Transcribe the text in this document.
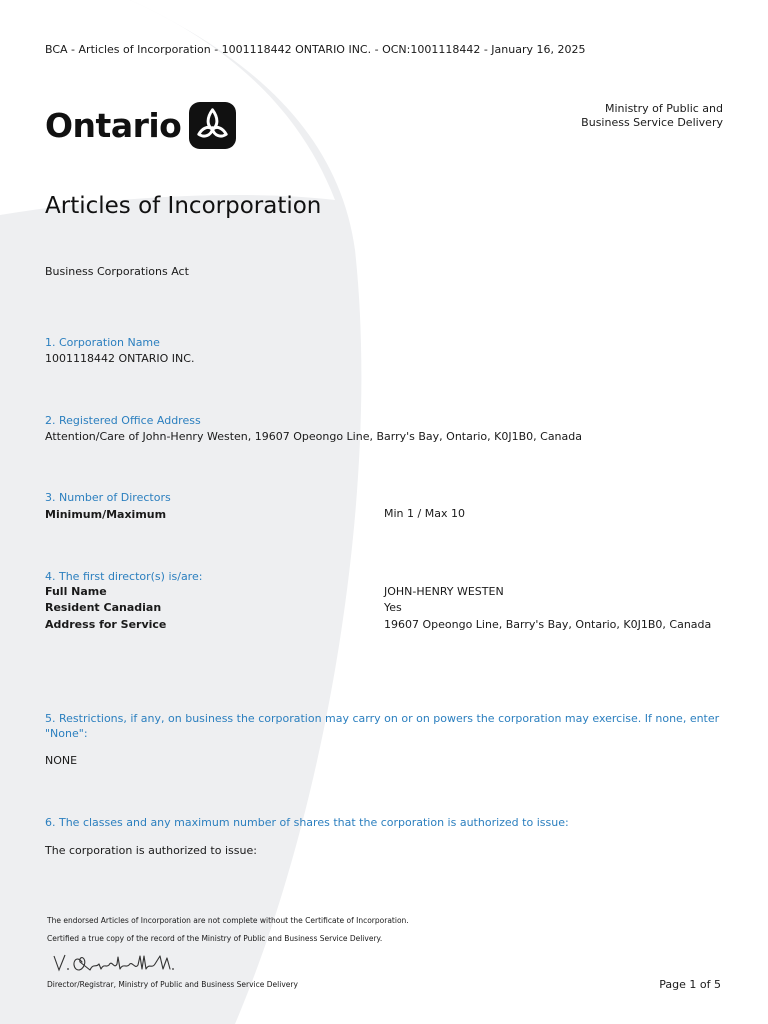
BCA - Articles of Incorporation - 1001118442 ONTARIO INC. - OCN:1001118442 - January 16, 2025
Ontario	Ministry of Public and
Business Service Delivery
Articles of Incorporation
Business Corporations Act
1. Corporation Name
1001118442 ONTARIO INC.
2. Registered Office Address
Attention/Care of John-Henry Westen, 19607 Opeongo Line, Barry's Bay, Ontario, K0J1B0, Canada
3. Number of Directors
Minimum/Maximum	Min 1 / Max 10
4. The first director(s) is/are:
Full Name	JOHN-HENRY WESTEN
Resident Canadian	Yes
Address for Service	19607 Opeongo Line, Barry's Bay, Ontario, K0J1B0, Canada
5. Restrictions, if any, on business the corporation may carry on or on powers the corporation may exercise. If none, enter "None":
NONE
6. The classes and any maximum number of shares that the corporation is authorized to issue:
The corporation is authorized to issue:
The endorsed Articles of Incorporation are not complete without the Certificate of Incorporation.
Certified a true copy of the record of the Ministry of Public and Business Service Delivery.
Director/Registrar, Ministry of Public and Business Service Delivery	Page 1 of 5
